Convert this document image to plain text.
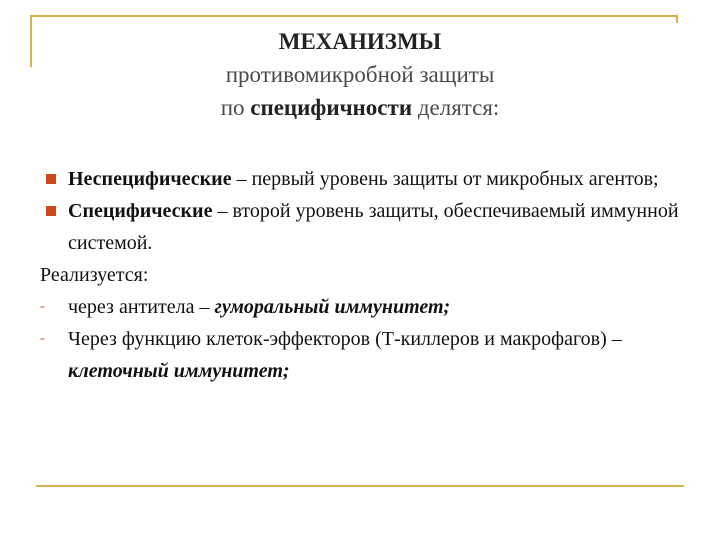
МЕХАНИЗМЫ
противомикробной защиты
по специфичности делятся:
Неспецифические – первый уровень защиты от микробных агентов;
Специфические – второй уровень защиты, обеспечиваемый иммунной системой.
Реализуется:
- через антитела – гуморальный иммунитет;
- Через функцию клеток-эффекторов (Т-киллеров и макрофагов) – клеточный иммунитет;
